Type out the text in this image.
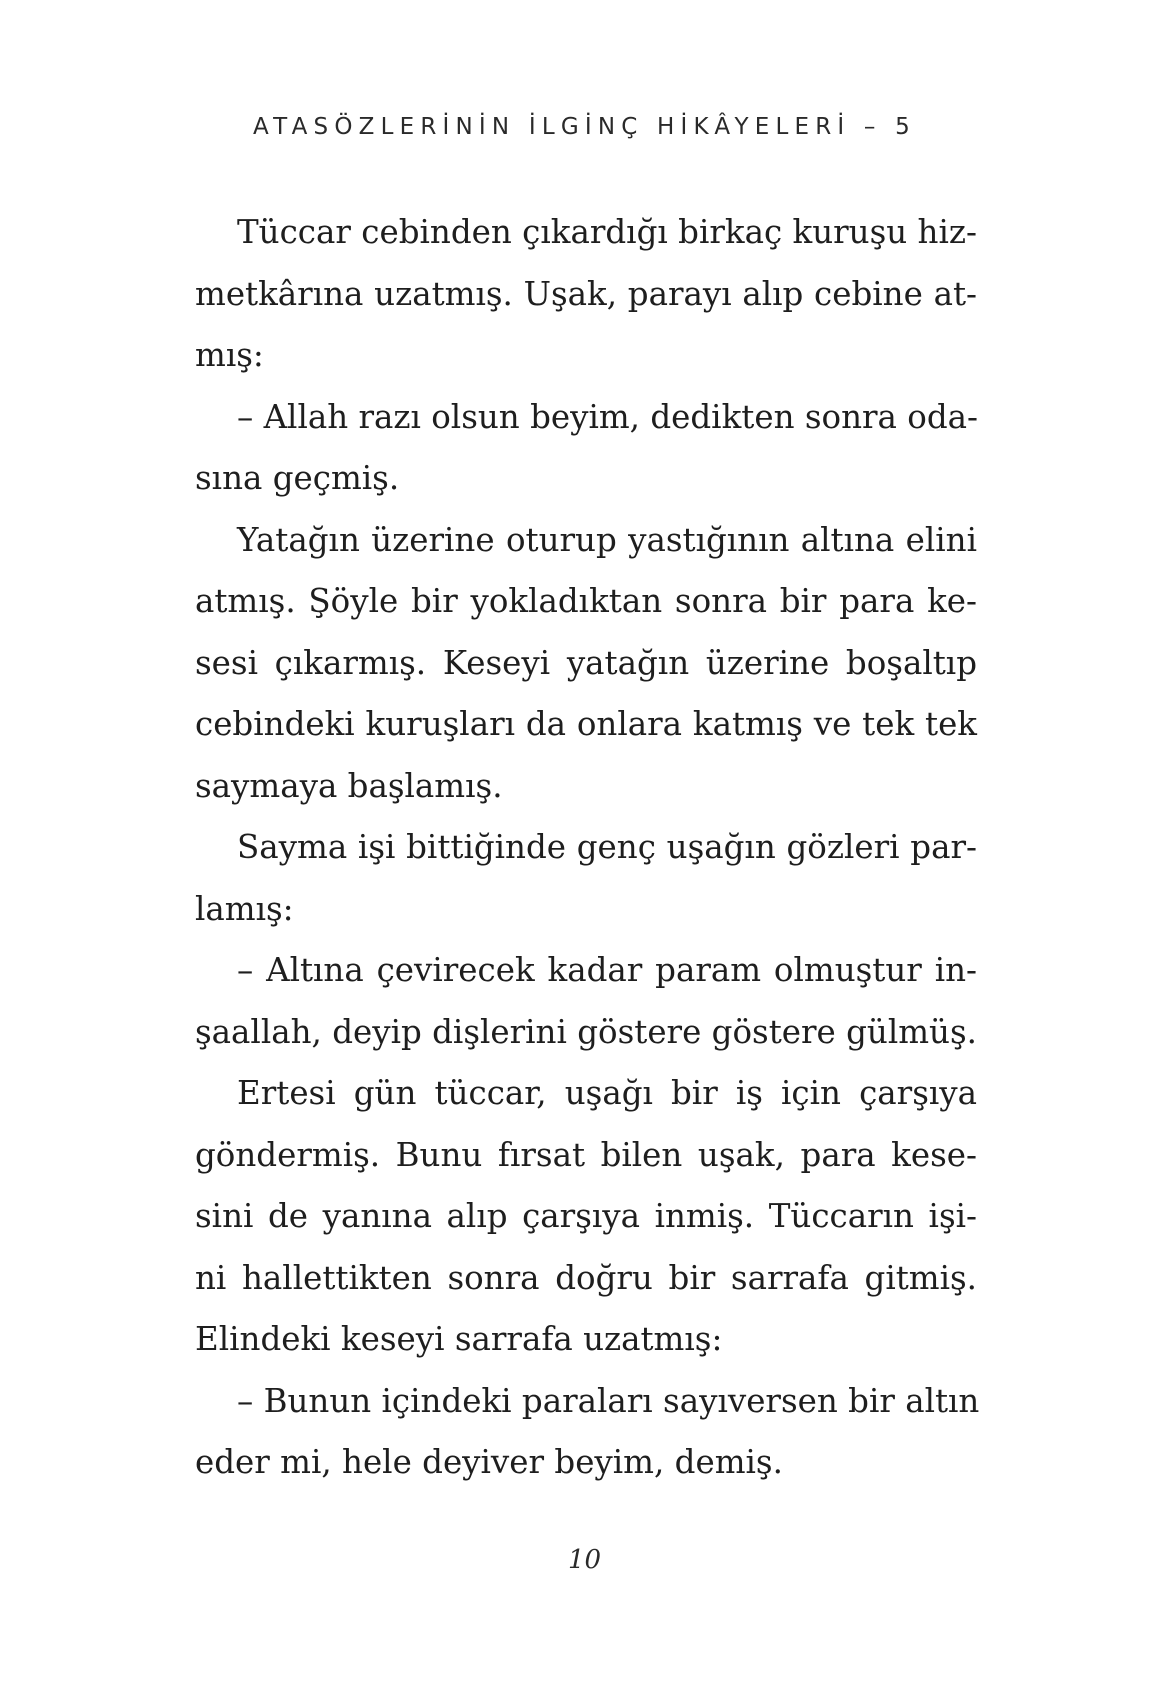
ATASÖZLERİNİN İLGİNÇ HİKÂYELERİ – 5
Tüccar cebinden çıkardığı birkaç kuruşu hiz-
metkârına uzatmış. Uşak, parayı alıp cebine at-
mış:
– Allah razı olsun beyim, dedikten sonra oda-
sına geçmiş.
Yatağın üzerine oturup yastığının altına elini
atmış. Şöyle bir yokladıktan sonra bir para ke-
sesi çıkarmış. Keseyi yatağın üzerine boşaltıp
cebindeki kuruşları da onlara katmış ve tek tek
saymaya başlamış.
Sayma işi bittiğinde genç uşağın gözleri par-
lamış:
– Altına çevirecek kadar param olmuştur in-
şaallah, deyip dişlerini göstere göstere gülmüş.
Ertesi gün tüccar, uşağı bir iş için çarşıya
göndermiş. Bunu fırsat bilen uşak, para kese-
sini de yanına alıp çarşıya inmiş. Tüccarın işi-
ni hallettikten sonra doğru bir sarrafa gitmiş.
Elindeki keseyi sarrafa uzatmış:
– Bunun içindeki paraları sayıversen bir altın
eder mi, hele deyiver beyim, demiş.
10
